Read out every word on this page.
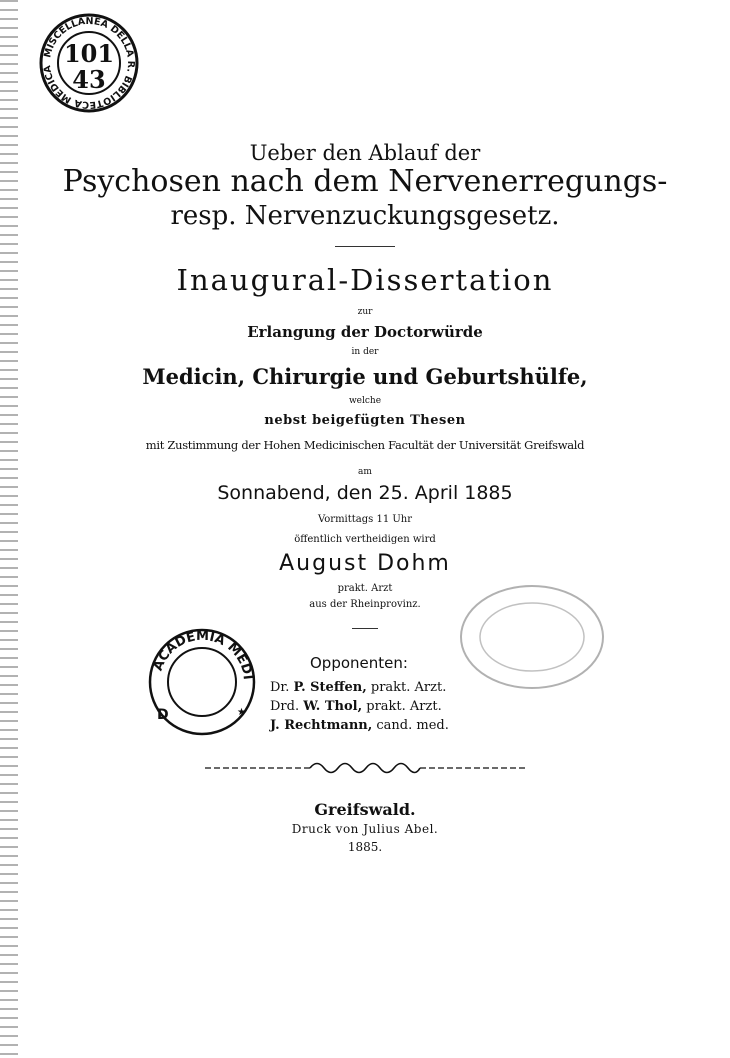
MISCELLANEA DELLA R. BIBLIOTECA MEDICA
101
43
Ueber den Ablauf der
Psychosen nach dem Nervenerregungs-
resp. Nervenzuckungsgesetz.
Inaugural-Dissertation
zur
Erlangung der Doctorwürde
in der
Medicin, Chirurgie und Geburtshülfe,
welche
nebst beigefügten Thesen
mit Zustimmung der Hohen Medicinischen Facultät der Universität Greifswald
am
Sonnabend, den 25. April 1885
Vormittags 11 Uhr
öffentlich vertheidigen wird
August Dohm
prakt. Arzt
aus der Rheinprovinz.
ACADEMIA MEDI
D	★
Opponenten:
Dr. P. Steffen, prakt. Arzt.
Drd. W. Thol, prakt. Arzt.
J. Rechtmann, cand. med.
Greifswald.
Druck von Julius Abel.
1885.
